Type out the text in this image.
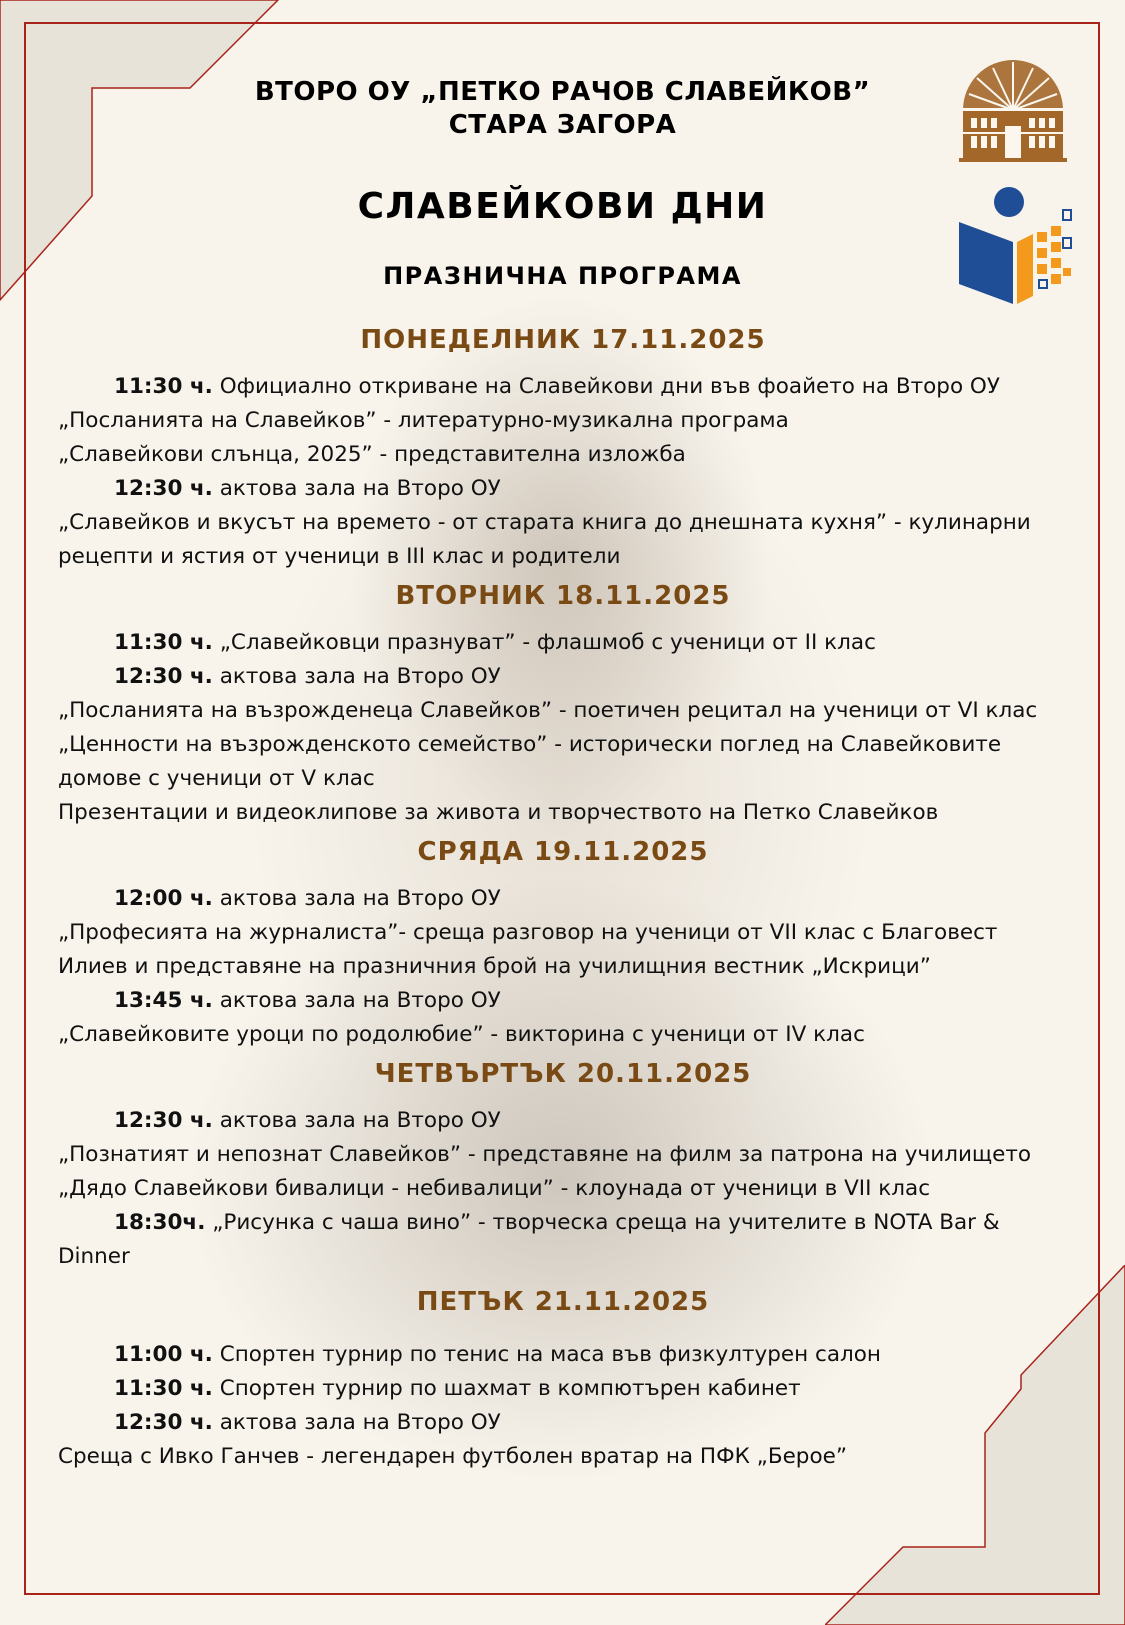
ВТОРО ОУ „ПЕТКО РАЧОВ СЛАВЕЙКОВ”
СТАРА ЗАГОРА
СЛАВЕЙКОВИ ДНИ
ПРАЗНИЧНА ПРОГРАМА
ПОНЕДЕЛНИК 17.11.2025
11:30 ч. Официално откриване на Славейкови дни във фоайето на Второ ОУ
„Посланията на Славейков” - литературно-музикална програма
„Славейкови слънца, 2025” - представителна изложба
12:30 ч. актова зала на Второ ОУ
„Славейков и вкусът на времето - от старата книга до днешната кухня” - кулинарни
рецепти и ястия от ученици в III клас и родители
ВТОРНИК 18.11.2025
11:30 ч. „Славейковци празнуват” - флашмоб с ученици от II клас
12:30 ч. актова зала на Второ ОУ
„Посланията на възрожденеца Славейков” - поетичен рецитал на ученици от VI клас
„Ценности на възрожденското семейство” - исторически поглед на Славейковите
домове с ученици от V клас
Презентации и видеоклипове за живота и творчеството на Петко Славейков
СРЯДА 19.11.2025
12:00 ч. актова зала на Второ ОУ
„Професията на журналиста”- среща разговор на ученици от VII клас с Благовест
Илиев и представяне на празничния брой на училищния вестник „Искрици”
13:45 ч. актова зала на Второ ОУ
„Славейковите уроци по родолюбие” - викторина с ученици от IV клас
ЧЕТВЪРТЪК 20.11.2025
12:30 ч. актова зала на Второ ОУ
„Познатият и непознат Славейков” - представяне на филм за патрона на училището
„Дядо Славейкови бивалици - небивалици” - клоунада от ученици в VII клас
18:30ч. „Рисунка с чаша вино” - творческа среща на учителите в NOTA Bar &
Dinner
ПЕТЪК 21.11.2025
11:00 ч. Спортен турнир по тенис на маса във физкултурен салон
11:30 ч. Спортен турнир по шахмат в компютърен кабинет
12:30 ч. актова зала на Второ ОУ
Среща с Ивко Ганчев - легендарен футболен вратар на ПФК „Берое”
